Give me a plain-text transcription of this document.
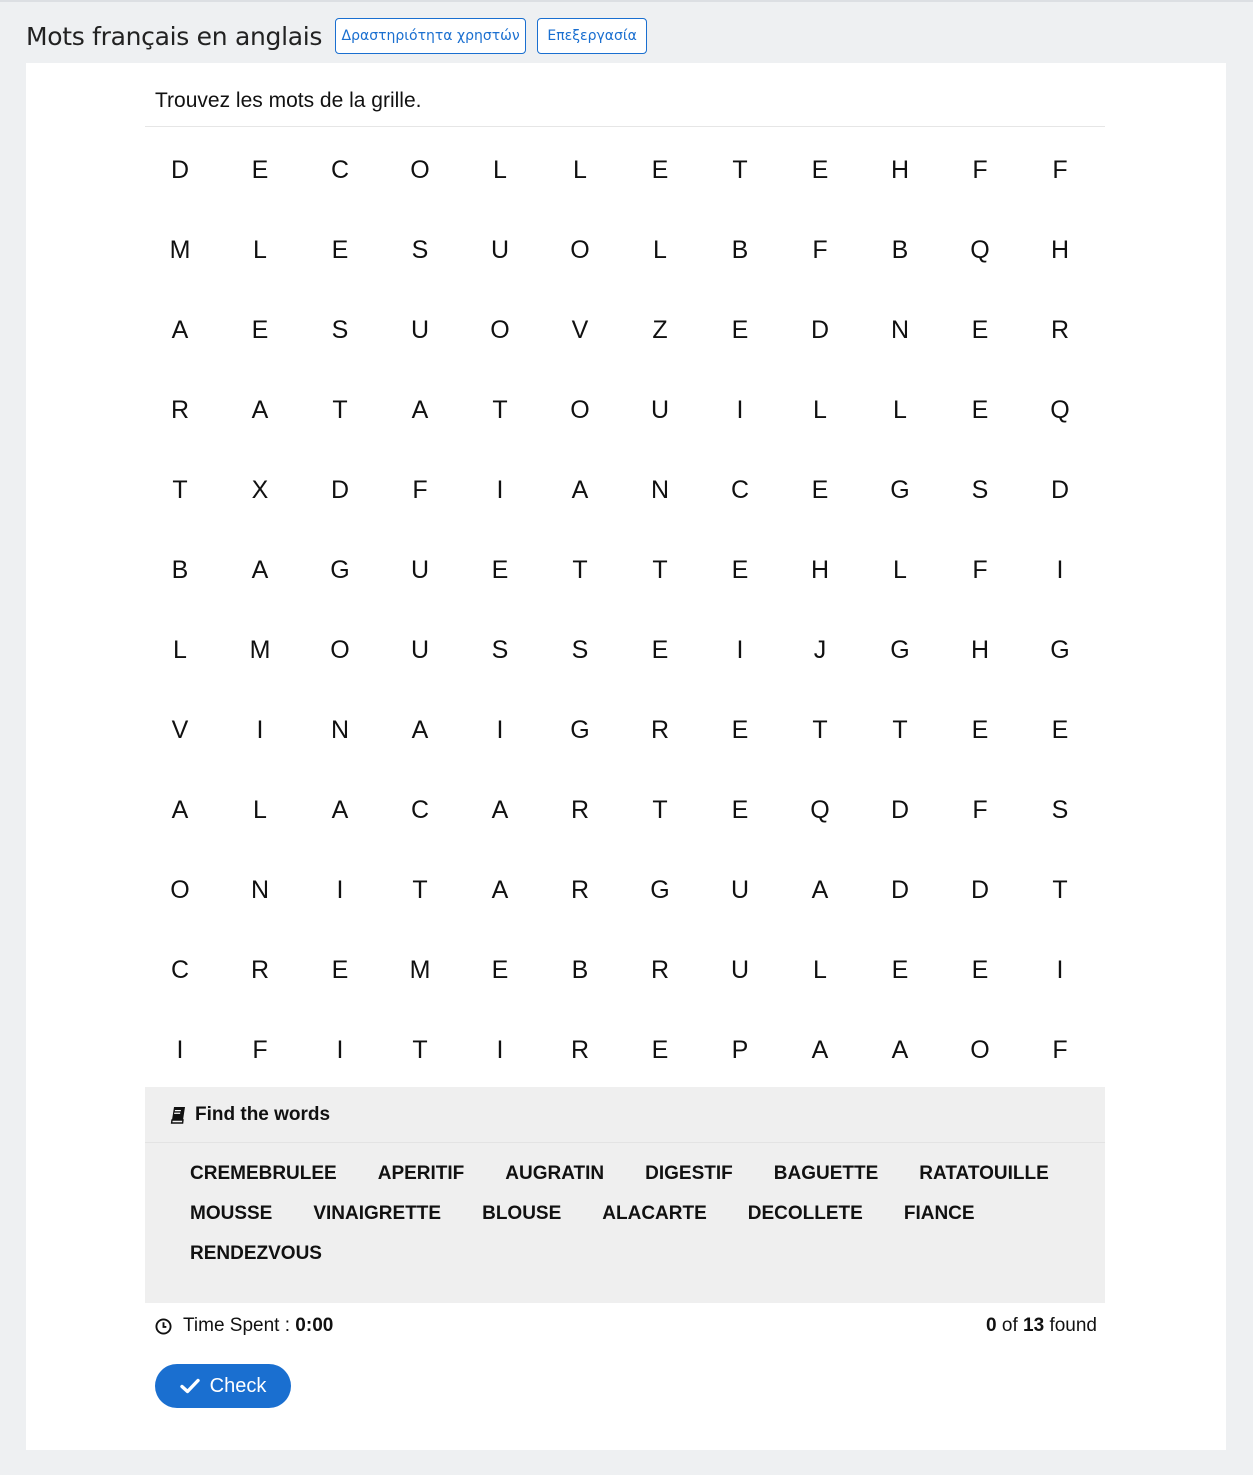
Mots français en anglais	Δραστηριότητα χρηστών	Επεξεργασία
Trouvez les mots de la grille.
D	E	C	O	L	L	E	T	E	H	F	F
M	L	E	S	U	O	L	B	F	B	Q	H
A	E	S	U	O	V	Z	E	D	N	E	R
R	A	T	A	T	O	U	I	L	L	E	Q
T	X	D	F	I	A	N	C	E	G	S	D
B	A	G	U	E	T	T	E	H	L	F	I
L	M	O	U	S	S	E	I	J	G	H	G
V	I	N	A	I	G	R	E	T	T	E	E
A	L	A	C	A	R	T	E	Q	D	F	S
O	N	I	T	A	R	G	U	A	D	D	T
C	R	E	M	E	B	R	U	L	E	E	I
I	F	I	T	I	R	E	P	A	A	O	F
Find the words
CREMEBRULEE APERITIF AUGRATIN DIGESTIF BAGUETTE RATATOUILLE
MOUSSE VINAIGRETTE BLOUSE ALACARTE DECOLLETE FIANCE
RENDEZVOUS
Time Spent : 0:00	0 of 13 found
Check
